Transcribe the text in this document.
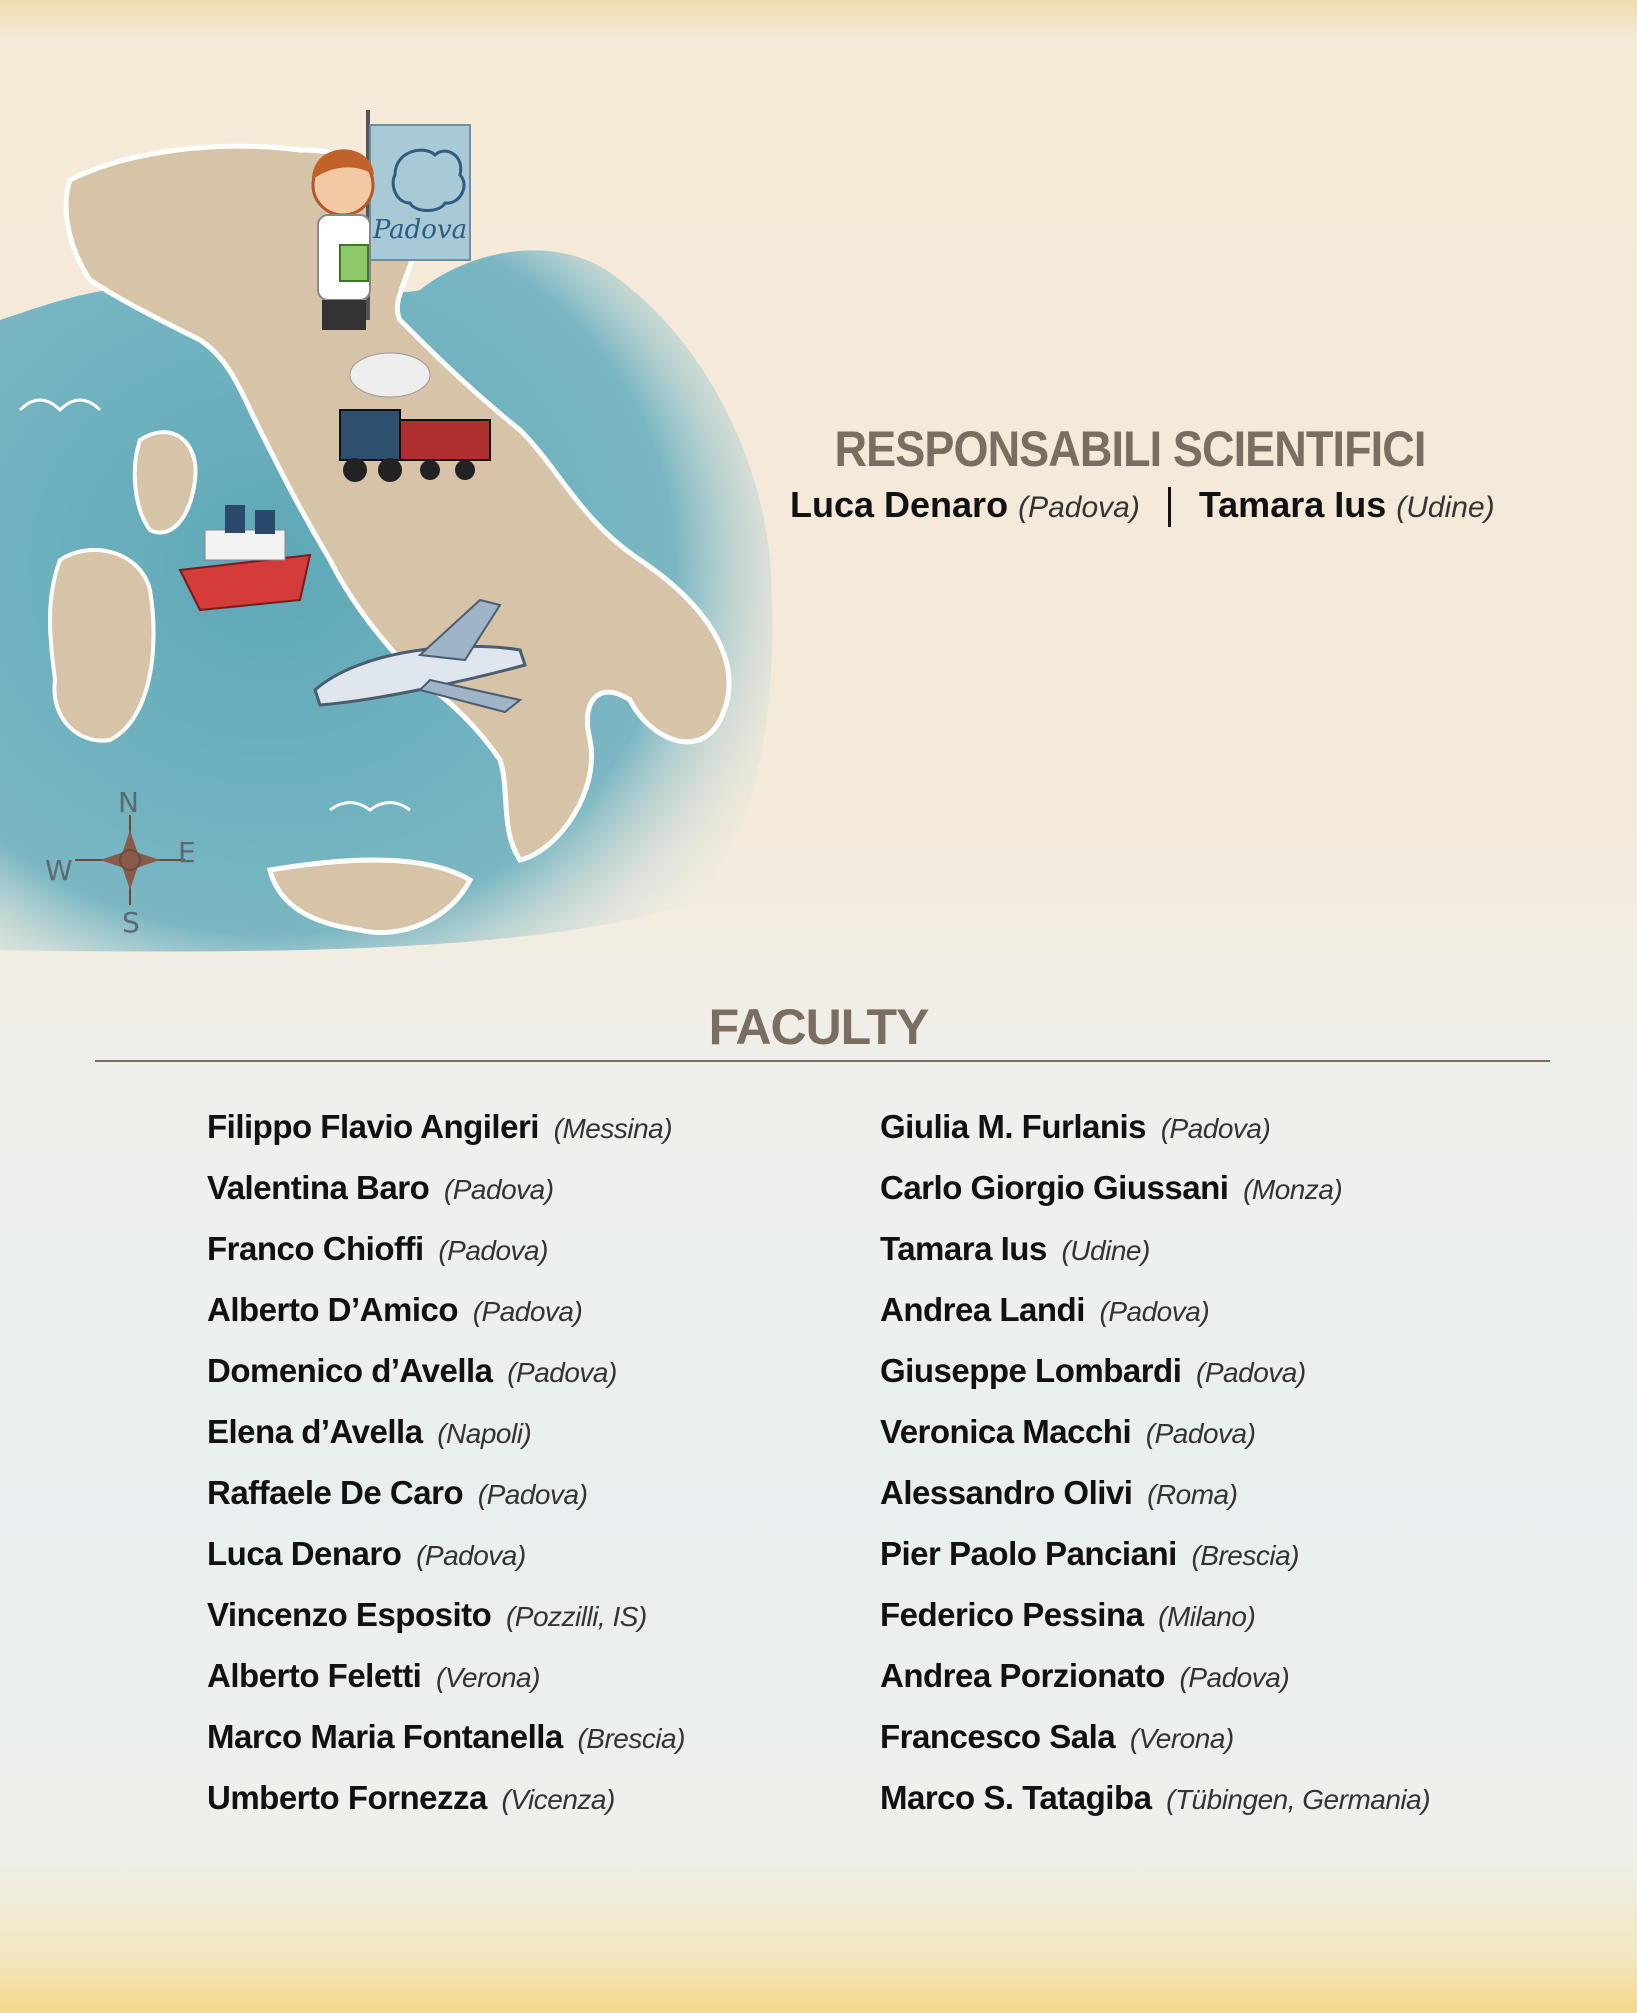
Padova
N
S
E
W
RESPONSABILI SCIENTIFICI
Luca Denaro (Padova) Tamara Ius (Udine)
FACULTY
Filippo Flavio Angileri (Messina)
Valentina Baro (Padova)
Franco Chioffi (Padova)
Alberto D’Amico (Padova)
Domenico d’Avella (Padova)
Elena d’Avella (Napoli)
Raffaele De Caro (Padova)
Luca Denaro (Padova)
Vincenzo Esposito (Pozzilli, IS)
Alberto Feletti (Verona)
Marco Maria Fontanella (Brescia)
Umberto Fornezza (Vicenza)
Giulia M. Furlanis (Padova)
Carlo Giorgio Giussani (Monza)
Tamara Ius (Udine)
Andrea Landi (Padova)
Giuseppe Lombardi (Padova)
Veronica Macchi (Padova)
Alessandro Olivi (Roma)
Pier Paolo Panciani (Brescia)
Federico Pessina (Milano)
Andrea Porzionato (Padova)
Francesco Sala (Verona)
Marco S. Tatagiba (Tübingen, Germania)
